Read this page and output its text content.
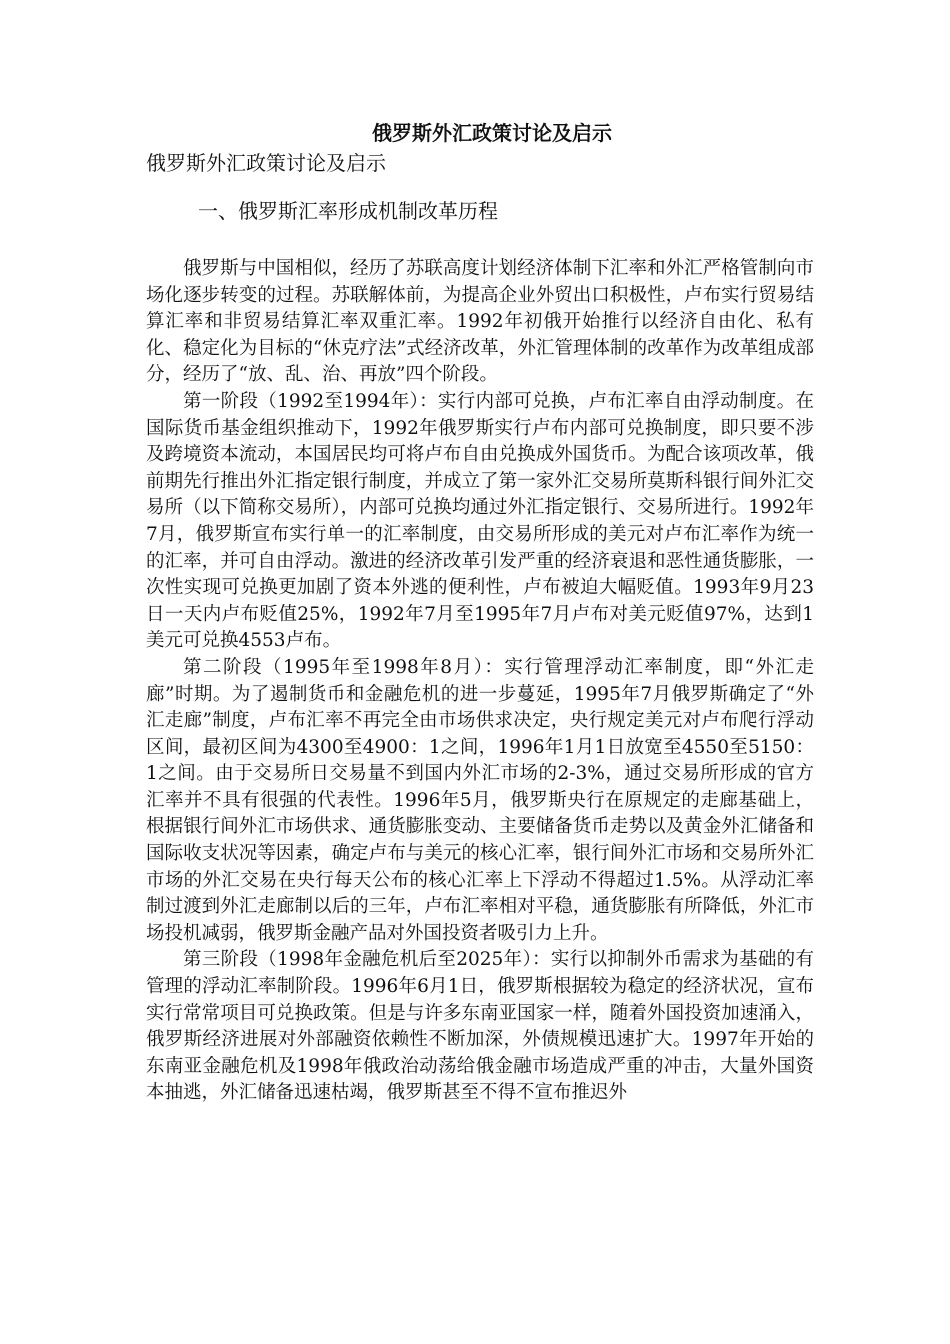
俄罗斯外汇政策讨论及启示
俄罗斯外汇政策讨论及启示
一、俄罗斯汇率形成机制改革历程

俄罗斯与中国相似，经历了苏联高度计划经济体制下汇率和外汇严格管制向市场化逐步转变的过程。苏联解体前，为提高企业外贸出口积极性，卢布实行贸易结算汇率和非贸易结算汇率双重汇率。1992年初俄开始推行以经济自由化、私有化、稳定化为目标的“休克疗法”式经济改革，外汇管理体制的改革作为改革组成部分，经历了“放、乱、治、再放”四个阶段。

第一阶段（1992至1994年）：实行内部可兑换，卢布汇率自由浮动制度。在国际货币基金组织推动下，1992年俄罗斯实行卢布内部可兑换制度，即只要不涉及跨境资本流动，本国居民均可将卢布自由兑换成外国货币。为配合该项改革，俄前期先行推出外汇指定银行制度，并成立了第一家外汇交易所莫斯科银行间外汇交易所（以下简称交易所），内部可兑换均通过外汇指定银行、交易所进行。1992年7月，俄罗斯宣布实行单一的汇率制度，由交易所形成的美元对卢布汇率作为统一的汇率，并可自由浮动。激进的经济改革引发严重的经济衰退和恶性通货膨胀，一次性实现可兑换更加剧了资本外逃的便利性，卢布被迫大幅贬值。1993年9月23日一天内卢布贬值25%，1992年7月至1995年7月卢布对美元贬值97%，达到1美元可兑换4553卢布。

第二阶段（1995年至1998年8月）：实行管理浮动汇率制度，即“外汇走廊”时期。为了遏制货币和金融危机的进一步蔓延，1995年7月俄罗斯确定了“外汇走廊”制度，卢布汇率不再完全由市场供求决定，央行规定美元对卢布爬行浮动区间，最初区间为4300至4900：1之间，1996年1月1日放宽至4550至5150：1之间。由于交易所日交易量不到国内外汇市场的2-3%，通过交易所形成的官方汇率并不具有很强的代表性。1996年5月，俄罗斯央行在原规定的走廊基础上，根据银行间外汇市场供求、通货膨胀变动、主要储备货币走势以及黄金外汇储备和国际收支状况等因素，确定卢布与美元的核心汇率，银行间外汇市场和交易所外汇市场的外汇交易在央行每天公布的核心汇率上下浮动不得超过1.5%。从浮动汇率制过渡到外汇走廊制以后的三年，卢布汇率相对平稳，通货膨胀有所降低，外汇市场投机减弱，俄罗斯金融产品对外国投资者吸引力上升。

第三阶段（1998年金融危机后至2025年）：实行以抑制外币需求为基础的有管理的浮动汇率制阶段。1996年6月1日，俄罗斯根据较为稳定的经济状况，宣布实行常常项目可兑换政策。但是与许多东南亚国家一样，随着外国投资加速涌入，俄罗斯经济进展对外部融资依赖性不断加深，外债规模迅速扩大。1997年开始的东南亚金融危机及1998年俄政治动荡给俄金融市场造成严重的冲击，大量外国资本抽逃，外汇储备迅速枯竭，俄罗斯甚至不得不宣布推迟外
